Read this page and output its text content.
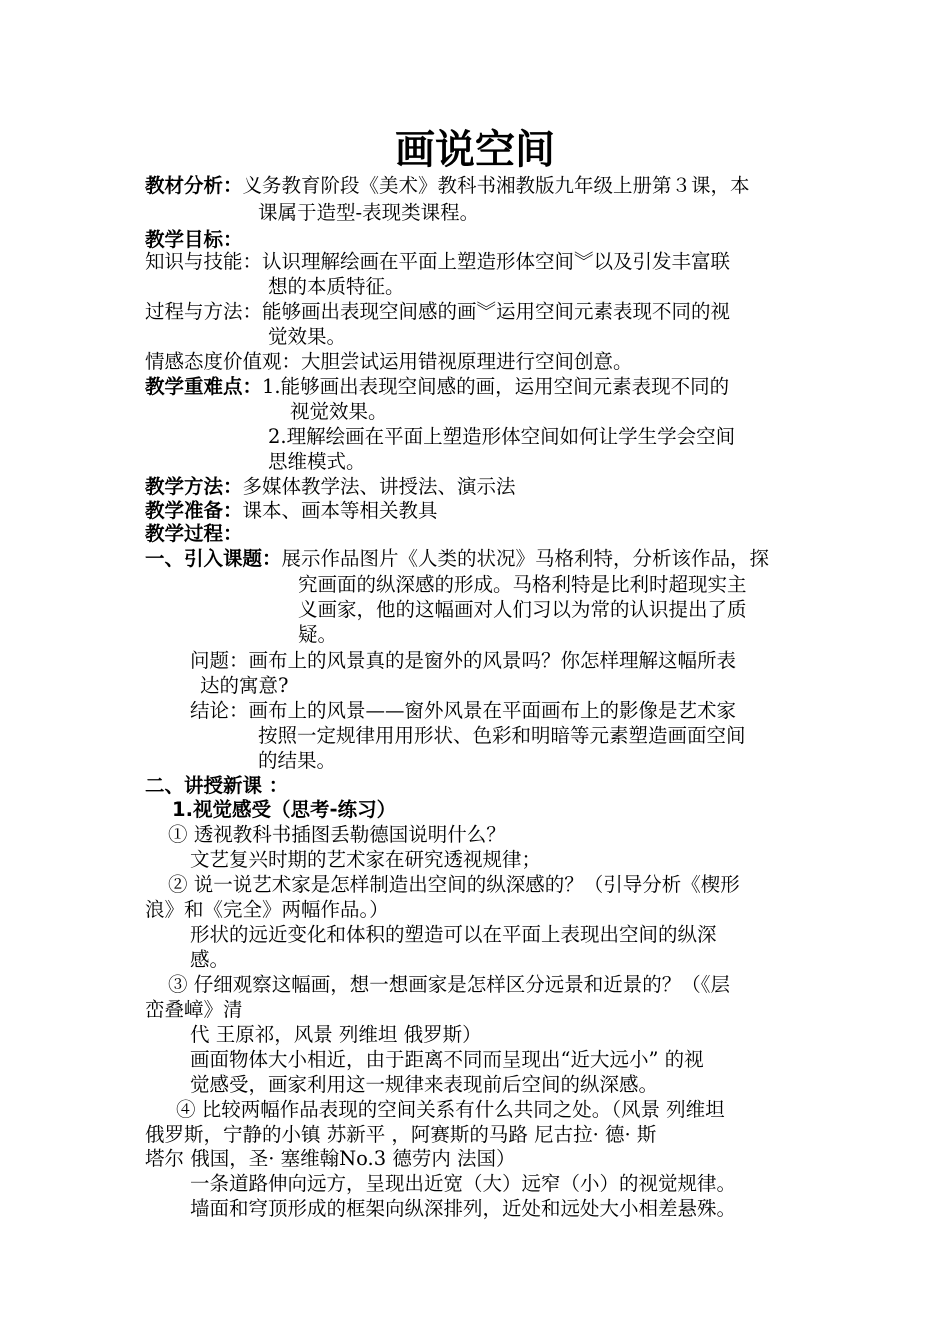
画说空间
教材分析：义务教育阶段《美术》教科书湘教版九年级上册第３课，本
课属于造型-表现类课程。
教学目标：
知识与技能：认识理解绘画在平面上塑造形体空间︾以及引发丰富联
想的本质特征。
过程与方法：能够画出表现空间感的画︾运用空间元素表现不同的视
觉效果。
情感态度价值观：大胆尝试运用错视原理进行空间创意。
教学重难点：1.能够画出表现空间感的画，运用空间元素表现不同的
视觉效果。
2.理解绘画在平面上塑造形体空间如何让学生学会空间
思维模式。
教学方法：多媒体教学法、讲授法、演示法
教学准备：课本、画本等相关教具
教学过程：
一、引入课题：展示作品图片《人类的状况》马格利特，分析该作品，探
究画面的纵深感的形成。马格利特是比利时超现实主
义画家，他的这幅画对人们习以为常的认识提出了质
疑。
问题：画布上的风景真的是窗外的风景吗？你怎样理解这幅所表
达的寓意?
结论：画布上的风景——窗外风景在平面画布上的影像是艺术家
按照一定规律用用形状、色彩和明暗等元素塑造画面空间
的结果。
二、讲授新课 ：
1.视觉感受（思考-练习）
① 透视教科书插图丢勒德国说明什么？
文艺复兴时期的艺术家在研究透视规律；
② 说一说艺术家是怎样制造出空间的纵深感的？（引导分析《楔形
浪》和《完全》两幅作品。）
形状的远近变化和体积的塑造可以在平面上表现出空间的纵深
感。
③ 仔细观察这幅画，想一想画家是怎样区分远景和近景的？（《层
峦叠嶂》清
代 王原祁，风景 列维坦 俄罗斯）
画面物体大小相近，由于距离不同而呈现出“近大远小” 的视
觉感受，画家利用这一规律来表现前后空间的纵深感。
④ 比较两幅作品表现的空间关系有什么共同之处。（风景 列维坦
俄罗斯，宁静的小镇 苏新平 ，阿赛斯的马路 尼古拉· 德· 斯
塔尔 俄国，圣· 塞维翰No.3 德劳内 法国）
一条道路伸向远方，呈现出近宽（大）远窄（小）的视觉规律。
墙面和穹顶形成的框架向纵深排列，近处和远处大小相差悬殊。
